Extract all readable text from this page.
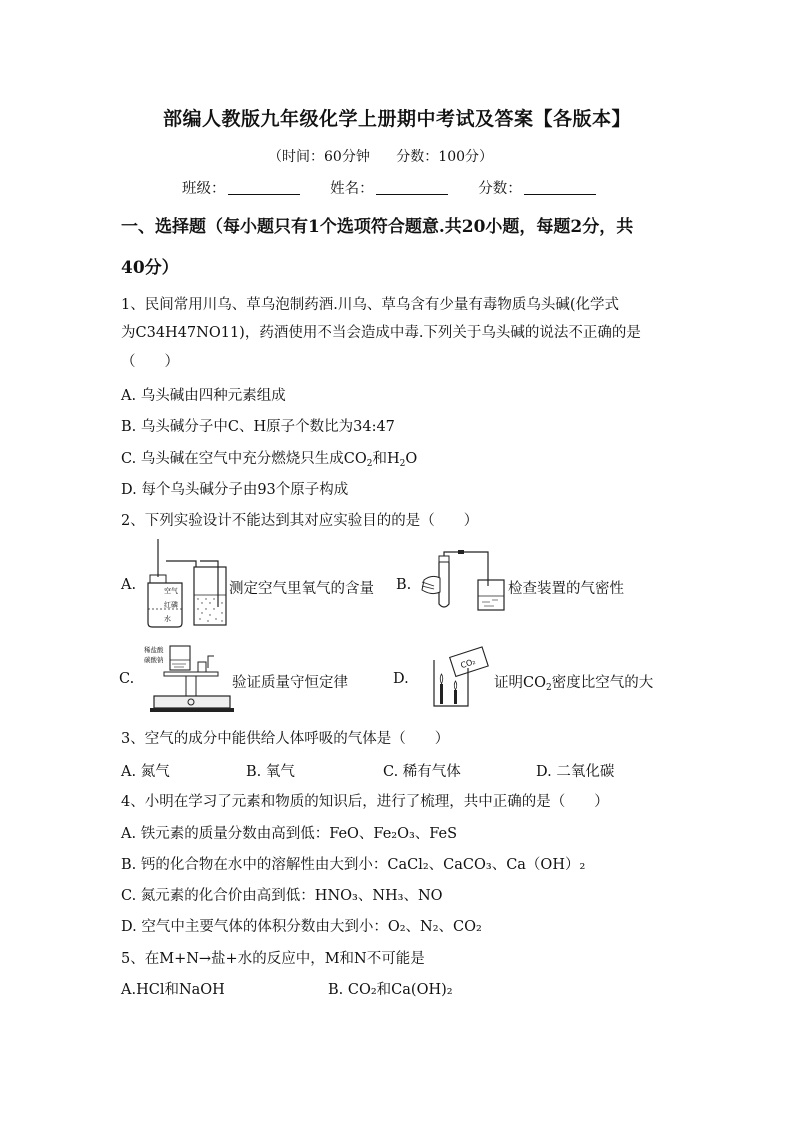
部编人教版九年级化学上册期中考试及答案【各版本】
（时间：60分钟 分数：100分）
班级：	姓名：	分数：
一、选择题（每小题只有1个选项符合题意.共20小题，每题2分，共
40分）
1、民间常用川乌、草乌泡制药酒.川乌、草乌含有少量有毒物质乌头碱(化学式
为C34H47NO11)，药酒使用不当会造成中毒.下列关于乌头碱的说法不正确的是
（　　）
A. 乌头碱由四种元素组成
B. 乌头碱分子中C、H原子个数比为34:47
C. 乌头碱在空气中充分燃烧只生成$CO_2$和$H_2O$
D. 每个乌头碱分子由93个原子构成
2、下列实验设计不能达到其对应实验目的的是（　　）
A.	空气
红磷
水
测定空气里氧气的含量 B.	检查装置的气密性
C.
稀盐酸
碳酸钠
验证质量守恒定律	D.
CO₂
证明$CO_2$密度比空气的大
3、空气的成分中能供给人体呼吸的气体是（　　）
A. 氮气	B. 氧气	C. 稀有气体	D. 二氧化碳
4、小明在学习了元素和物质的知识后，进行了梳理，共中正确的是（　　）
A. 铁元素的质量分数由高到低：FeO、Fe₂O₃、FeS
B. 钙的化合物在水中的溶解性由大到小：CaCl₂、CaCO₃、Ca（OH）₂
C. 氮元素的化合价由高到低：HNO₃、NH₃、NO
D. 空气中主要气体的体积分数由大到小：O₂、N₂、CO₂
5、在M+N→盐+水的反应中，M和N不可能是
A.HCl和NaOH	B. CO₂和Ca(OH)₂
